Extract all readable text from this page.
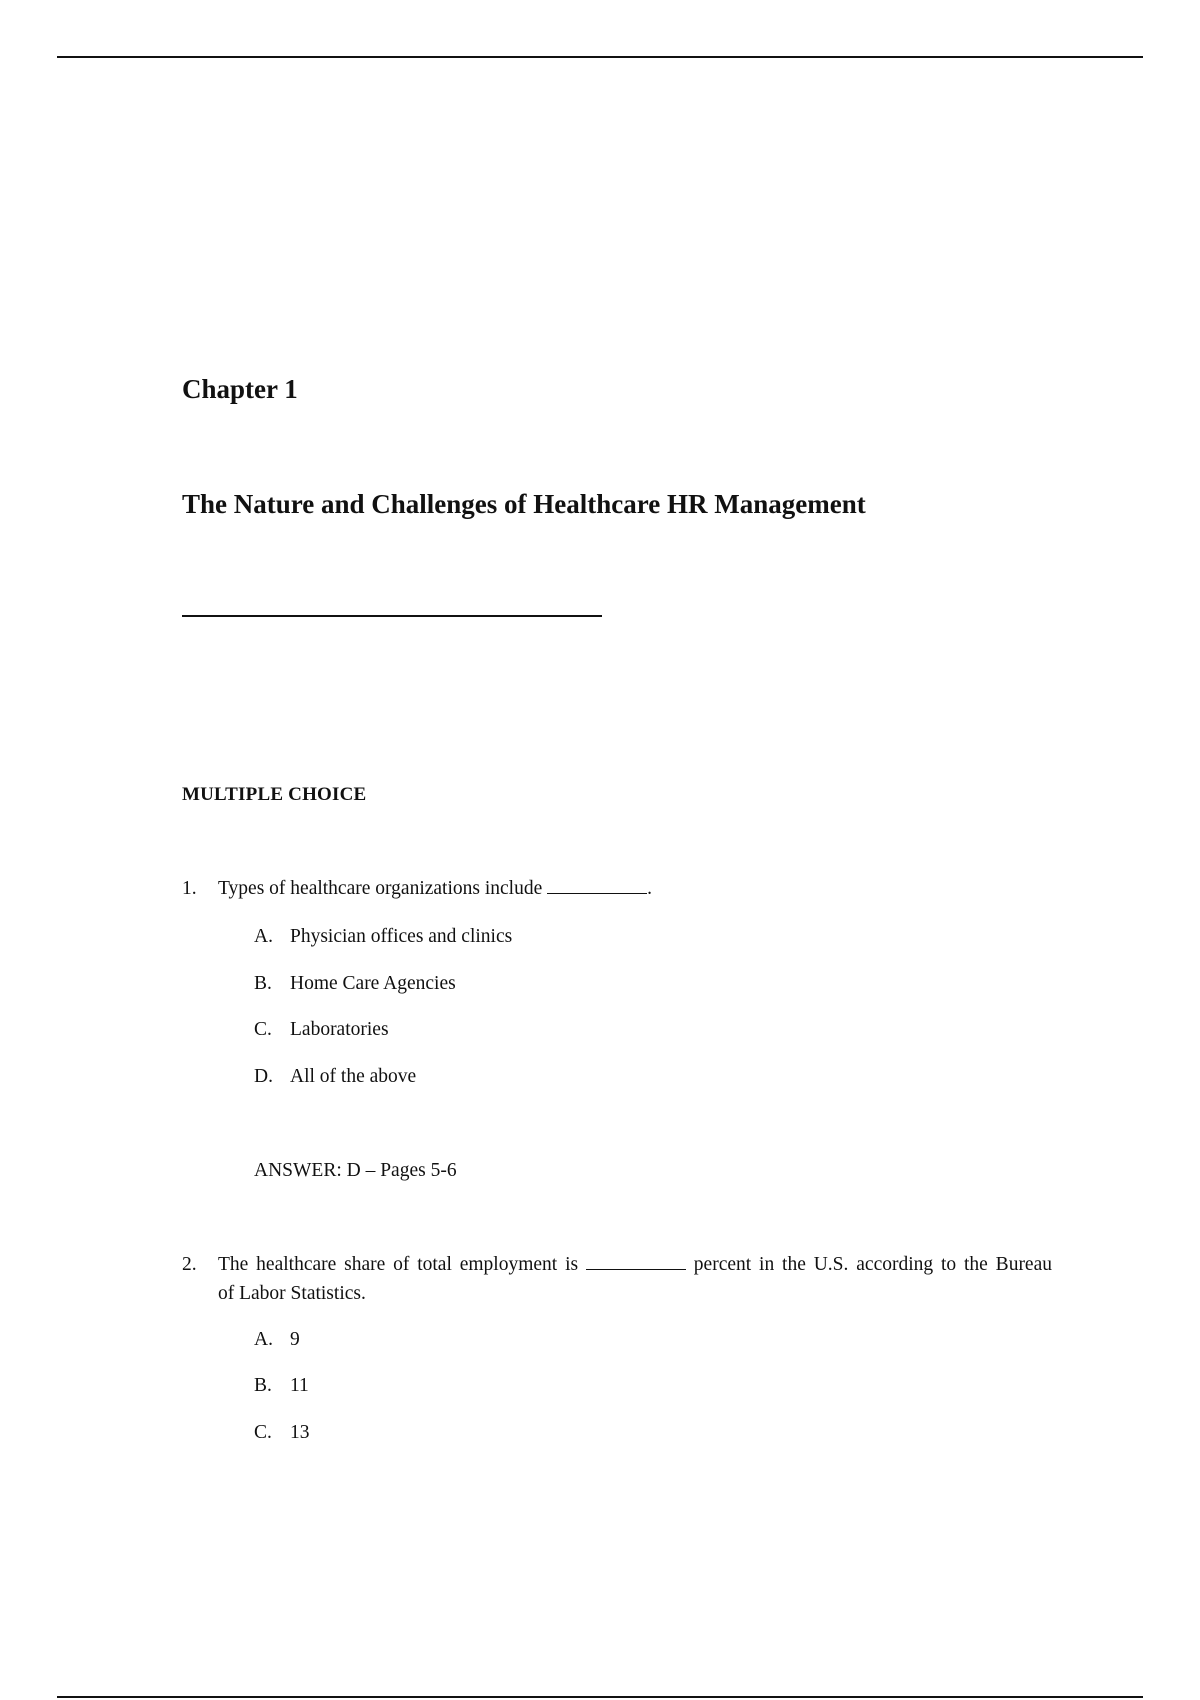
Chapter 1
The Nature and Challenges of Healthcare HR Management
MULTIPLE CHOICE
1. Types of healthcare organizations include	.
A. Physician offices and clinics
B. Home Care Agencies
C. Laboratories
D. All of the above
ANSWER: D – Pages 5-6
2. The healthcare share of total employment is	percent in the U.S. according to the Bureau
of Labor Statistics.
A. 9
B. 11
C. 13
